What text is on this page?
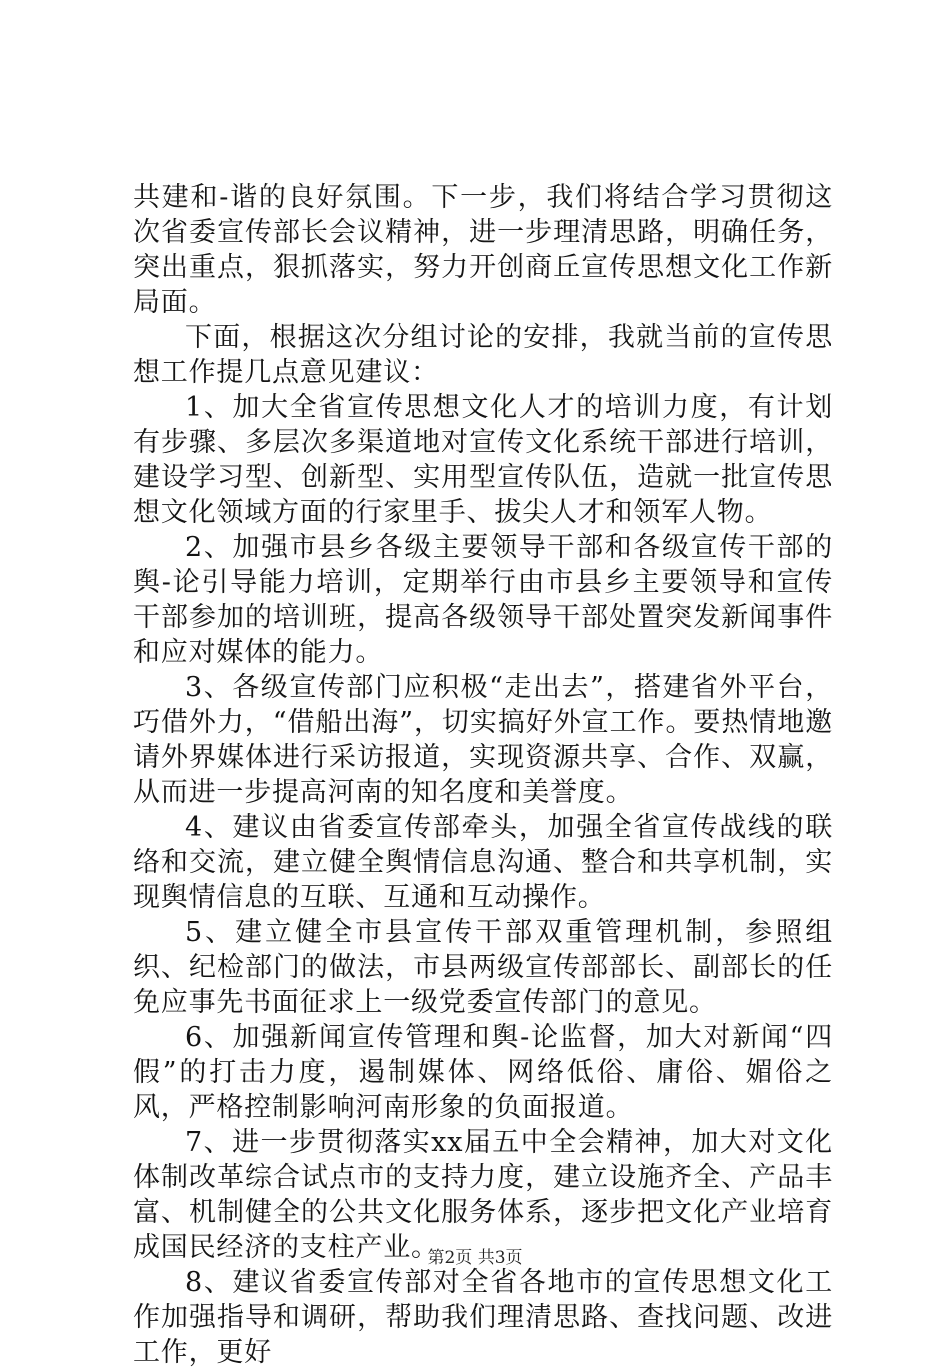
共建和-谐的良好氛围。下一步，我们将结合学习贯彻这次省委宣传部长会议精神，进一步理清思路，明确任务，突出重点，狠抓落实，努力开创商丘宣传思想文化工作新局面。

下面，根据这次分组讨论的安排，我就当前的宣传思想工作提几点意见建议：

1、加大全省宣传思想文化人才的培训力度，有计划有步骤、多层次多渠道地对宣传文化系统干部进行培训，建设学习型、创新型、实用型宣传队伍，造就一批宣传思想文化领域方面的行家里手、拔尖人才和领军人物。

2、加强市县乡各级主要领导干部和各级宣传干部的舆-论引导能力培训，定期举行由市县乡主要领导和宣传干部参加的培训班，提高各级领导干部处置突发新闻事件和应对媒体的能力。

3、各级宣传部门应积极“走出去”，搭建省外平台，巧借外力，“借船出海”，切实搞好外宣工作。要热情地邀请外界媒体进行采访报道，实现资源共享、合作、双赢，从而进一步提高河南的知名度和美誉度。

4、建议由省委宣传部牵头，加强全省宣传战线的联络和交流，建立健全舆情信息沟通、整合和共享机制，实现舆情信息的互联、互通和互动操作。

5、建立健全市县宣传干部双重管理机制，参照组织、纪检部门的做法，市县两级宣传部部长、副部长的任免应事先书面征求上一级党委宣传部门的意见。

6、加强新闻宣传管理和舆-论监督，加大对新闻“四假”的打击力度，遏制媒体、网络低俗、庸俗、媚俗之风，严格控制影响河南形象的负面报道。

7、进一步贯彻落实xx届五中全会精神，加大对文化体制改革综合试点市的支持力度，建立设施齐全、产品丰富、机制健全的公共文化服务体系，逐步把文化产业培育成国民经济的支柱产业。

8、建议省委宣传部对全省各地市的宣传思想文化工作加强指导和调研，帮助我们理清思路、查找问题、改进工作，更好

第2页 共3页
